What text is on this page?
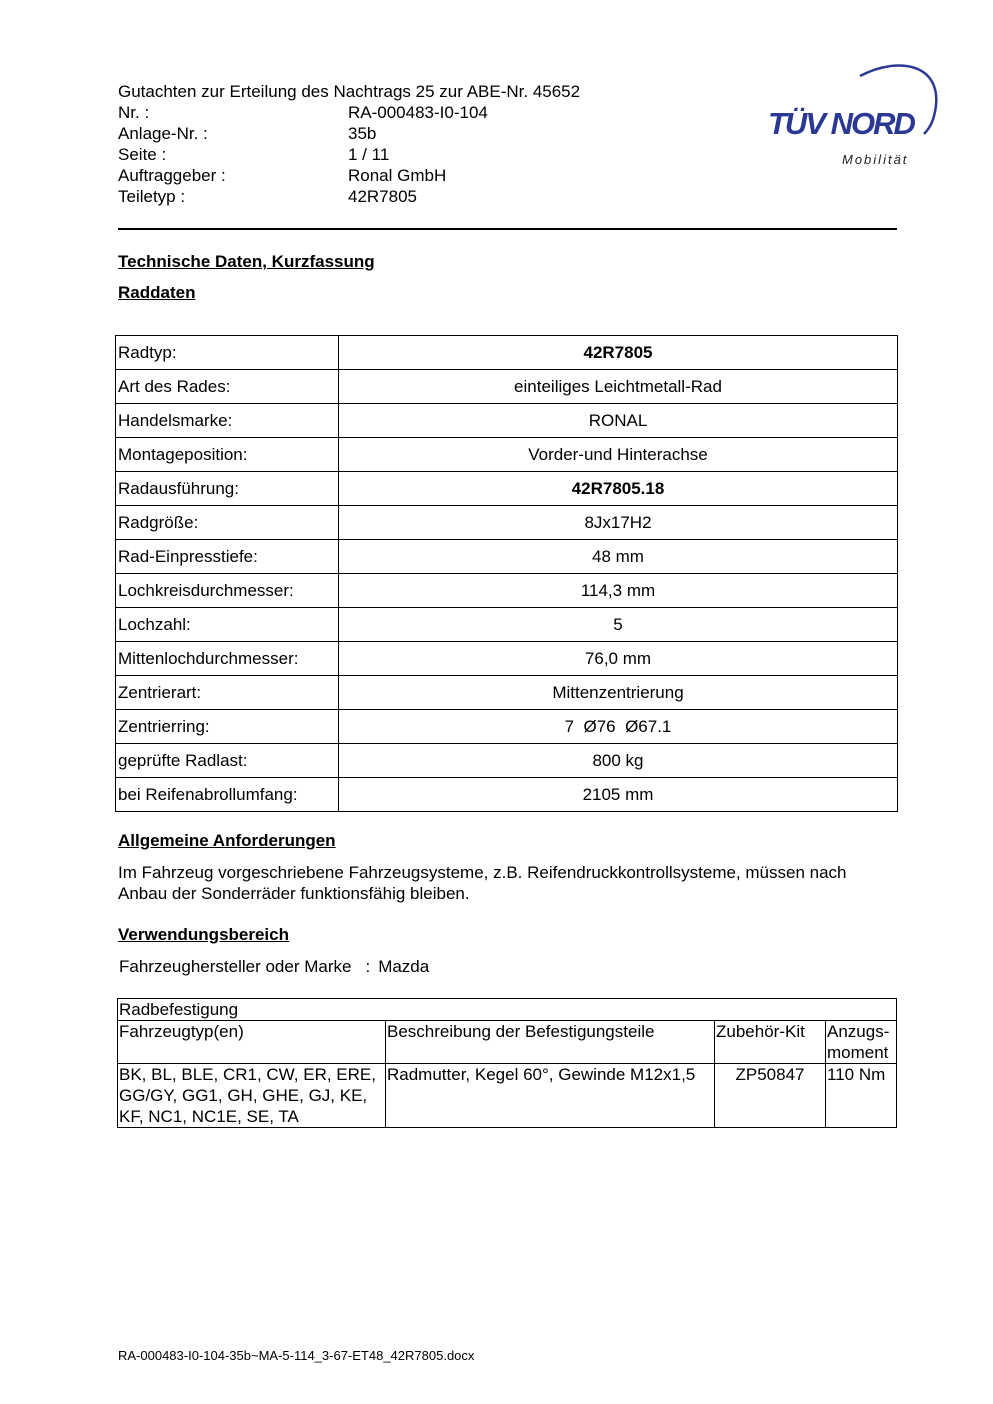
Gutachten zur Erteilung des Nachtrags 25 zur ABE-Nr. 45652
Nr. :	RA-000483-I0-104
Anlage-Nr. :	35b
Seite :	1 / 11
Auftraggeber :	Ronal GmbH
Teiletyp :	42R7805
TÜV NORD
Mobilität
Technische Daten, Kurzfassung
Raddaten
Radtyp:	42R7805
Art des Rades:	einteiliges Leichtmetall-Rad
Handelsmarke:	RONAL
Montageposition:	Vorder-und Hinterachse
Radausführung:	42R7805.18
Radgröße:	8Jx17H2
Rad-Einpresstiefe:	48 mm
Lochkreisdurchmesser:	114,3 mm
Lochzahl:	5
Mittenlochdurchmesser:	76,0 mm
Zentrierart:	Mittenzentrierung
Zentrierring:	7  Ø76  Ø67.1
geprüfte Radlast:	800 kg
bei Reifenabrollumfang:	2105 mm
Allgemeine Anforderungen
Im Fahrzeug vorgeschriebene Fahrzeugsysteme, z.B. Reifendruckkontrollsysteme, müssen nach Anbau der Sonderräder funktionsfähig bleiben.
Verwendungsbereich
Fahrzeughersteller oder Marke : Mazda
Radbefestigung			
Fahrzeugtyp(en)	Beschreibung der Befestigungsteile	Zubehör-Kit	Anzugs-
moment
BK, BL, BLE, CR1, CW, ER, ERE, GG/GY, GG1, GH, GHE, GJ, KE, KF, NC1, NC1E, SE, TA	Radmutter, Kegel 60°, Gewinde M12x1,5	ZP50847	110 Nm
RA-000483-I0-104-35b~MA-5-114_3-67-ET48_42R7805.docx
